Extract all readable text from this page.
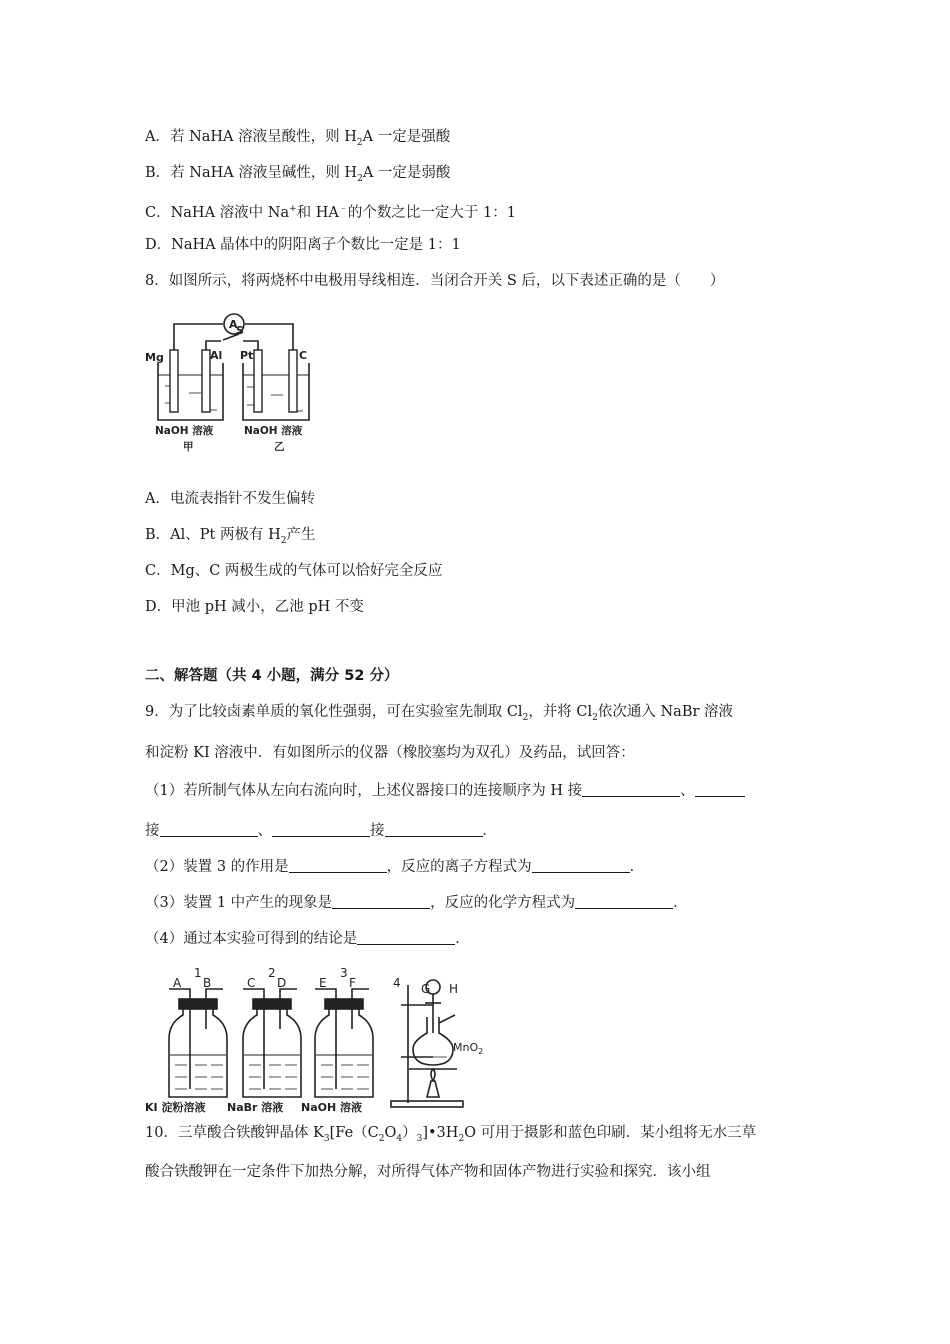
A．若 NaHA 溶液呈酸性，则 $H_2A$ 一定是强酸
B．若 NaHA 溶液呈碱性，则 $H_2A$ 一定是弱酸
C．NaHA 溶液中 Na+和 HA﹣的个数之比一定大于 1：1
D．NaHA 晶体中的阴阳离子个数比一定是 1：1
8．如图所示，将两烧杯中电极用导线相连．当闭合开关 S 后，以下表述正确的是（　　）
A
S
Mg	Al Pt	C
NaOH 溶液
甲
NaOH 溶液
乙
A．电流表指针不发生偏转
B．Al、Pt 两极有 $H_2$产生
C．Mg、C 两极生成的气体可以恰好完全反应
D．甲池 pH 减小，乙池 pH 不变
二、解答题（共 4 小题，满分 52 分）
9．为了比较卤素单质的氧化性强弱，可在实验室先制取 $Cl_2$，并将 $Cl_2$依次通入 NaBr 溶液
和淀粉 KI 溶液中．有如图所示的仪器（橡胶塞均为双孔）及药品，试回答：
（1）若所制气体从左向右流向时，上述仪器接口的连接顺序为 H 接	、
接	、	接	．
（2）装置 3 的作用是	，反应的离子方程式为	．
（3）装置 1 中产生的现象是	，反应的化学方程式为	．
（4）通过本实验可得到的结论是	．
1
A B
2
C D
3
E F	4 G H
MnO$_2$
KI 淀粉溶液 NaBr 溶液 NaOH 溶液
10．三草酸合铁酸钾晶体 $K_3[Fe(C_2O_4)_3]•3H_2O$ 可用于摄影和蓝色印刷．某小组将无水三草
酸合铁酸钾在一定条件下加热分解，对所得气体产物和固体产物进行实验和探究．该小组
